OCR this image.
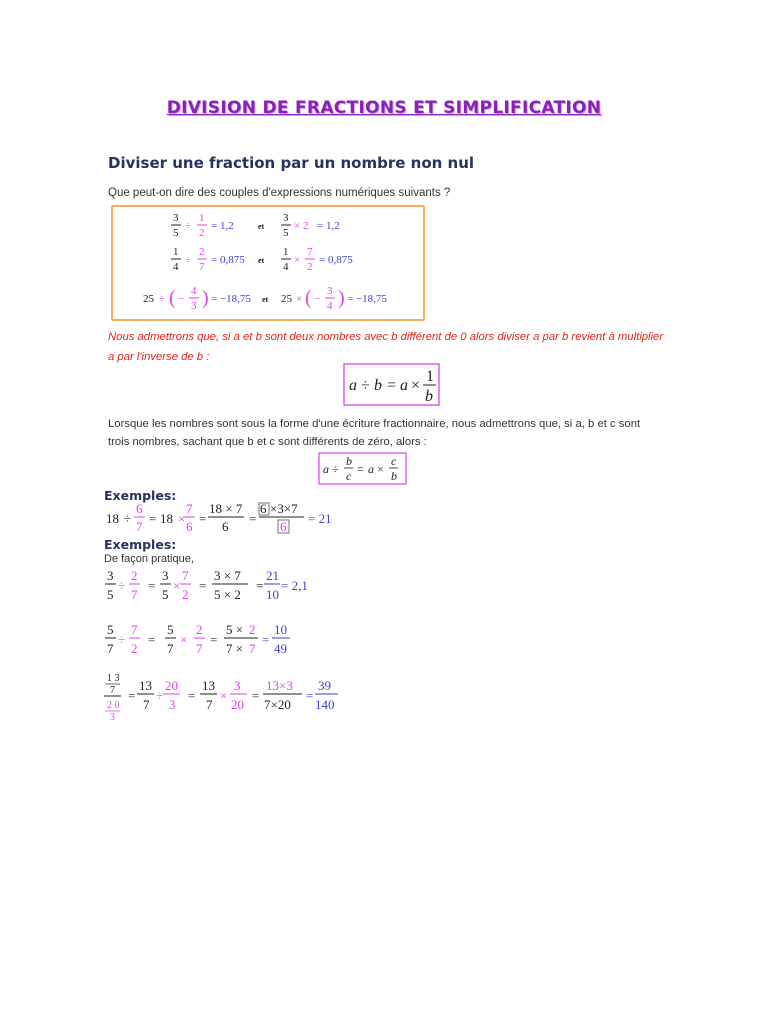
DIVISION DE FRACTIONS ET SIMPLIFICATION
Diviser une fraction par un nombre non nul
Que peut-on dire des couples d'expressions numériques suivants ?
3
5
÷
1
2
= 1,2	et
3
5
× 2 = 1,2
1
4
÷
2
7
= 0,875 et
1
4
×
7
2
= 0,875
25 ÷ ( −
4
3 ) = −18,75 et 25 × ( −
3
4 ) = −18,75
Nous admettrons que, si a et b sont deux nombres avec b différent de 0 alors diviser a par b revient à multiplier a par l'inverse de b :
a ÷ b = a ×
1
b
Lorsque les nombres sont sous la forme d'une écriture fractionnaire, nous admettrons que, si a, b et c sont trois nombres, sachant que b et c sont différents de zéro, alors :
a ÷
b
c = a ×
c
b
Exemples:
18 ÷
6
7
= 18 ×
7
6
=
18 × 7
6
=
6 ×3×7
6
= 21
Exemples:
De façon pratique,
3
5
÷
2
7
=
3
5
×
7
2
=
3 × 7
5 × 2
=
21
10
= 2,1
5
7
÷
7
2
=
5
7
×
2
7
=
5 × 2
7 × 7
=
10
49
1 3
7
2 0
3
=
13
7
÷
20
3
=
13
7
×
3
20
=
13×3
7×20
=
39
140
